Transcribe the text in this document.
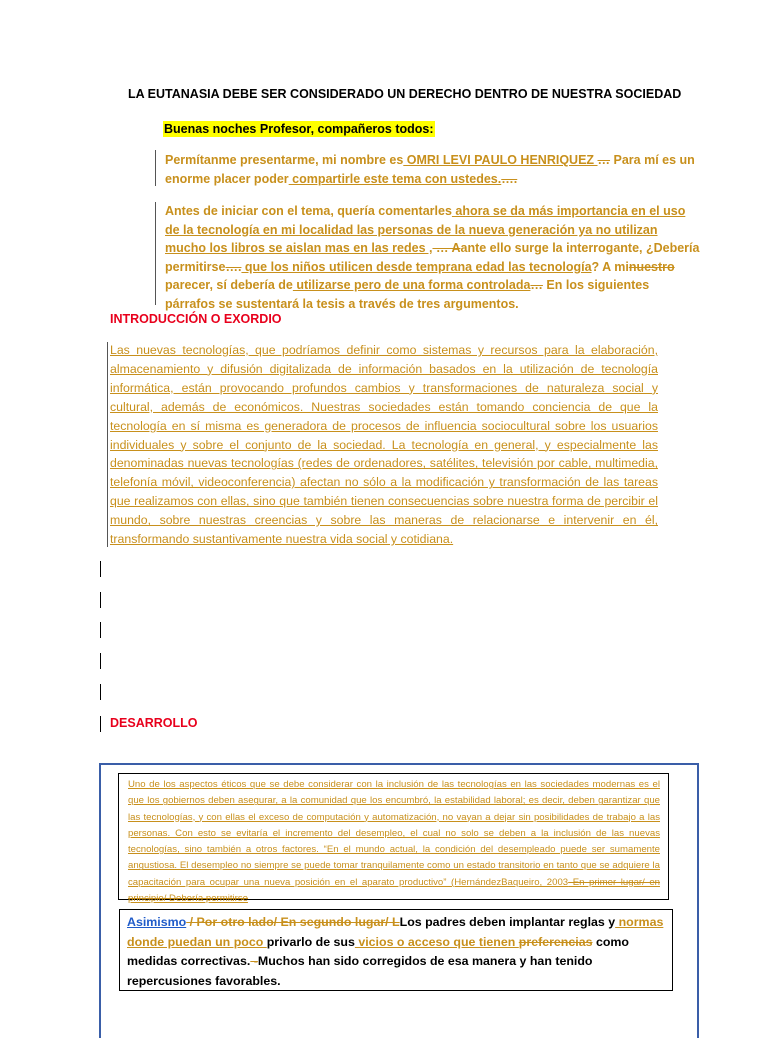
LA EUTANASIA DEBE SER CONSIDERADO UN DERECHO DENTRO DE NUESTRA SOCIEDAD
Buenas noches Profesor, compañeros todos:
Permítanme presentarme, mi nombre es OMRI LEVI PAULO HENRIQUEZ … Para mí es un enorme placer poder compartirle este tema con ustedes.….
Antes de iniciar con el tema, quería comentarles ahora se da más importancia en el uso de la tecnología en mi localidad las personas de la nueva generación ya no utilizan mucho los libros se aislan mas en las redes , … Aante ello surge la interrogante, ¿Debería permitirse…. que los niños utilicen desde temprana edad las tecnología? A minuestro parecer, sí debería de utilizarse pero de una forma controlada… En los siguientes párrafos se sustentará la tesis a través de tres argumentos.
INTRODUCCIÓN O EXORDIO
Las nuevas tecnologías, que podríamos definir como sistemas y recursos para la elaboración, almacenamiento y difusión digitalizada de información basados en la utilización de tecnología informática, están provocando profundos cambios y transformaciones de naturaleza social y cultural, además de económicos. Nuestras sociedades están tomando conciencia de que la tecnología en sí misma es generadora de procesos de influencia sociocultural sobre los usuarios individuales y sobre el conjunto de la sociedad. La tecnología en general, y especialmente las denominadas nuevas tecnologías (redes de ordenadores, satélites, televisión por cable, multimedia, telefonía móvil, videoconferencia) afectan no sólo a la modificación y transformación de las tareas que realizamos con ellas, sino que también tienen consecuencias sobre nuestra forma de percibir el mundo, sobre nuestras creencias y sobre las maneras de relacionarse e intervenir en él, transformando sustantivamente nuestra vida social y cotidiana.
DESARROLLO
Uno de los aspectos éticos que se debe considerar con la inclusión de las tecnologías en las sociedades modernas es el que los gobiernos deben asegurar, a la comunidad que los encumbró, la estabilidad laboral; es decir, deben garantizar que las tecnologías, y con ellas el exceso de computación y automatización, no vayan a dejar sin posibilidades de trabajo a las personas. Con esto se evitaría el incremento del desempleo, el cual no solo se deben a la inclusión de las nuevas tecnologías, sino también a otros factores. “En el mundo actual, la condición del desempleado puede ser sumamente angustiosa. El desempleo no siempre se puede tomar tranquilamente como un estado transitorio en tanto que se adquiere la capacitación para ocupar una nueva posición en el aparato productivo” (HernándezBaqueiro, 2003 En primer lugar/ en principio/ Debería permitirse
Asimismo / Por otro lado/ En segundo lugar/ LLos padres deben implantar reglas y normas donde puedan un poco privarlo de sus vicios o acceso que tienen preferencias como medidas correctivas. -Muchos han sido corregidos de esa manera y han tenido repercusiones favorables.
